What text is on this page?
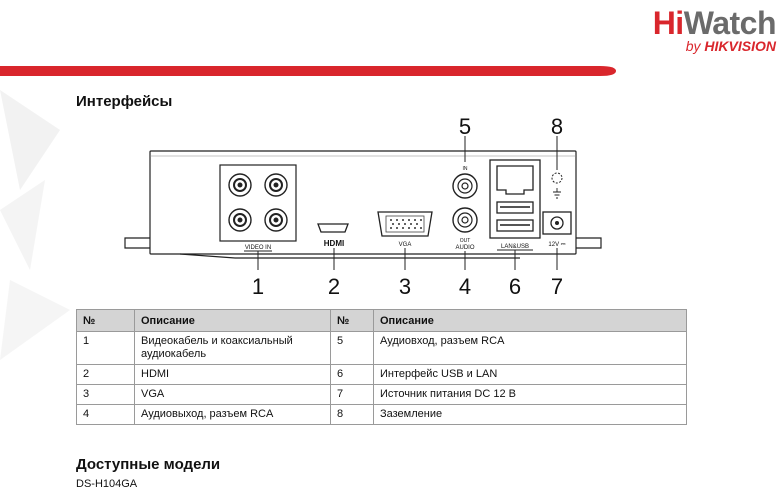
HiWatch
by HIKVISION
Интерфейсы
VIDEO IN	HDMI	VGA
IN
OUT
AUDIO	LAN&USB	12V ⎓
1	2	3 4
5
6 7
8
№	Описание	№	Описание
1	Видеокабель и коаксиальный аудиокабель	5	Аудиовход, разъем RCA
2	HDMI	6	Интерфейс USB и LAN
3	VGA	7	Источник питания DC 12 В
4	Аудиовыход, разъем RCA	8	Заземление
Доступные модели
DS-H104GA
